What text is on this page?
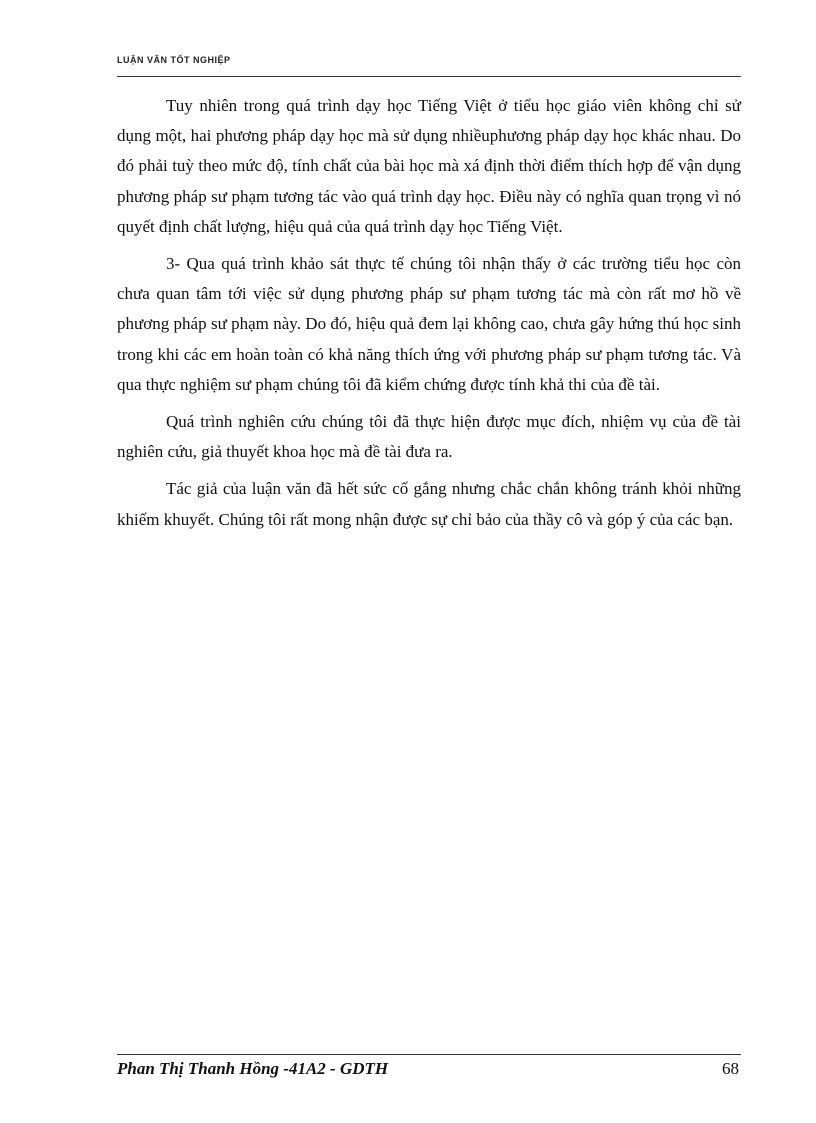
LUẬN VĂN TỐT NGHIỆP

Tuy nhiên trong quá trình dạy học Tiếng Việt ở tiểu học giáo viên không chỉ sử dụng một, hai phương pháp dạy học mà sử dụng nhiềuphương pháp dạy học khác nhau. Do đó phải tuỳ theo mức độ, tính chất của bài học mà xá định thời điểm thích hợp để vận dụng phương pháp sư phạm tương tác vào quá trình dạy học. Điều này có nghĩa quan trọng vì nó quyết định chất lượng, hiệu quả của quá trình dạy học Tiếng Việt.

3- Qua quá trình khảo sát thực tế chúng tôi nhận thấy ở các trường tiểu học còn chưa quan tâm tới việc sử dụng phương pháp sư phạm tương tác mà còn rất mơ hồ về phương pháp sư phạm này. Do đó, hiệu quả đem lại không cao, chưa gây hứng thú học sinh trong khi các em hoàn toàn có khả năng thích ứng với phương pháp sư phạm tương tác. Và qua thực nghiệm sư phạm chúng tôi đã kiểm chứng được tính khả thi của đề tài.

Quá trình nghiên cứu chúng tôi đã thực hiện được mục đích, nhiệm vụ của đề tài nghiên cứu, giả thuyết khoa học mà đề tài đưa ra.

Tác giả của luận văn đã hết sức cố gắng nhưng chắc chắn không tránh khỏi những khiếm khuyết. Chúng tôi rất mong nhận được sự chỉ bảo của thầy cô và góp ý của các bạn.

Phan Thị Thanh Hồng -41A2 - GDTH	68
